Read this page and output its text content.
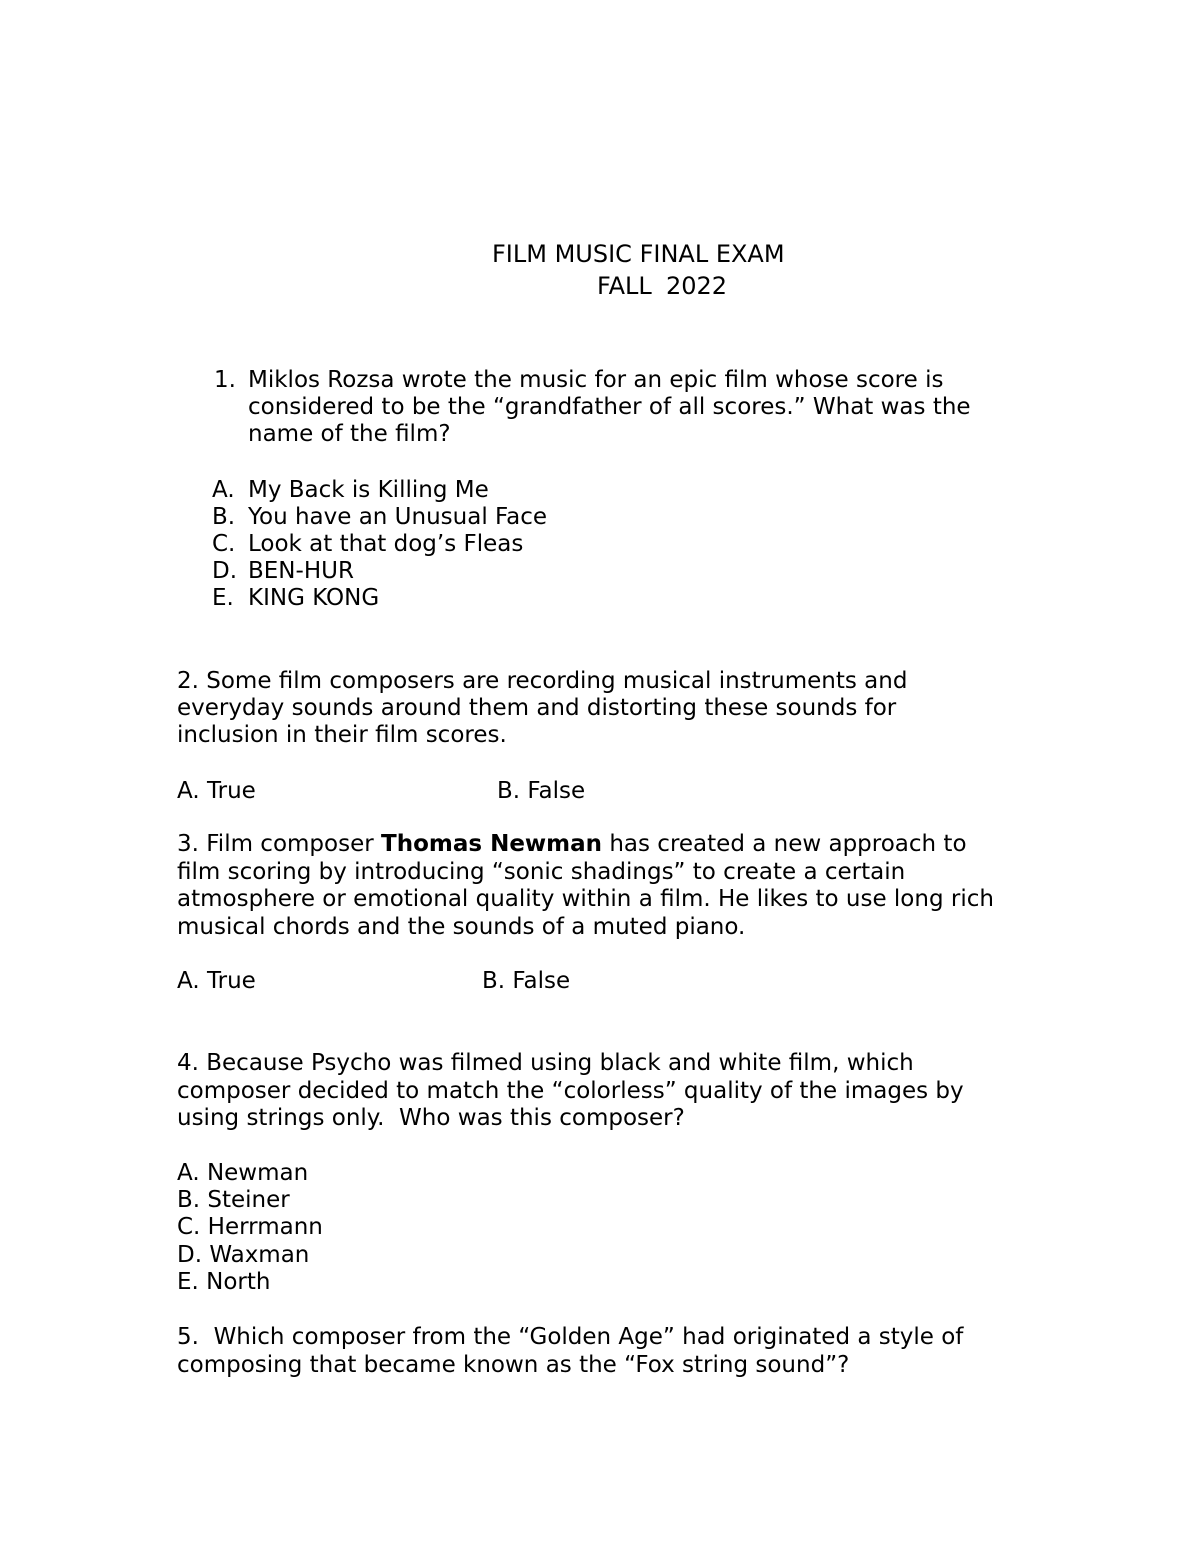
FILM MUSIC FINAL EXAM
FALL 2022
1. Miklos Rozsa wrote the music for an epic film whose score is
considered to be the “grandfather of all scores.” What was the
name of the film?
A. My Back is Killing Me
B. You have an Unusual Face
C. Look at that dog’s Fleas
D. BEN-HUR
E. KING KONG
2. Some film composers are recording musical instruments and
everyday sounds around them and distorting these sounds for
inclusion in their film scores.
A. True	B. False
3. Film composer Thomas Newman has created a new approach to
film scoring by introducing “sonic shadings” to create a certain
atmosphere or emotional quality within a film. He likes to use long rich
musical chords and the sounds of a muted piano.
A. True	B. False
4. Because Psycho was filmed using black and white film, which
composer decided to match the “colorless” quality of the images by
using strings only.  Who was this composer?
A. Newman
B. Steiner
C. Herrmann
D. Waxman
E. North
5.  Which composer from the “Golden Age” had originated a style of
composing that became known as the “Fox string sound”?
